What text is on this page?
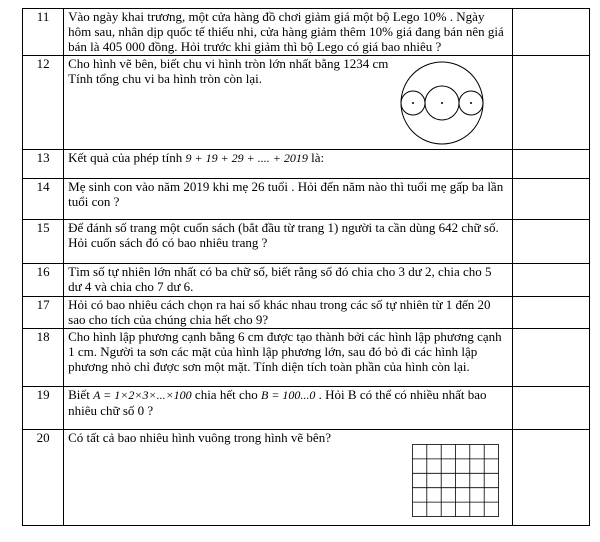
11	Vào ngày khai trương, một cửa hàng đồ chơi giảm giá một bộ Lego 10% . Ngày hôm sau, nhân dịp quốc tế thiếu nhi, cửa hàng giảm thêm 10% giá đang bán nên giá bán là 405 000 đồng. Hỏi trước khi giảm thì bộ Lego có giá bao nhiêu ?	
12	Cho hình vẽ bên, biết chu vi hình tròn lớn nhất bằng 1234 cm
Tính tổng chu vi ba hình tròn còn lại.	

13	Kết quả của phép tính 9 + 19 + 29 + .... + 2019 là:	
14	Mẹ sinh con vào năm 2019 khi mẹ 26 tuổi . Hỏi đến năm nào thì tuổi mẹ gấp ba lần tuổi con ?	
15	Để đánh số trang một cuốn sách (bắt đầu từ trang 1) người ta cần dùng 642 chữ số. Hỏi cuốn sách đó có bao nhiêu trang ?	
16	Tìm số tự nhiên lớn nhất có ba chữ số, biết rằng số đó chia cho 3 dư 2, chia cho 5 dư 4 và chia cho 7 dư 6.	
17	Hỏi có bao nhiêu cách chọn ra hai số khác nhau trong các số tự nhiên từ 1 đến 20 sao cho tích của chúng chia hết cho 9?	
18	Cho hình lập phương cạnh bằng 6 cm được tạo thành bởi các hình lập phương cạnh 1 cm. Người ta sơn các mặt của hình lập phương lớn, sau đó bỏ đi các hình lập phương nhỏ chỉ được sơn một mặt. Tính diện tích toàn phần của hình còn lại.	
19	Biết A = 1×2×3×...×100 chia hết cho B = 100...0 . Hỏi B có thể có nhiều nhất bao nhiêu chữ số 0 ?	
20	Có tất cả bao nhiêu hình vuông trong hình vẽ bên?	
